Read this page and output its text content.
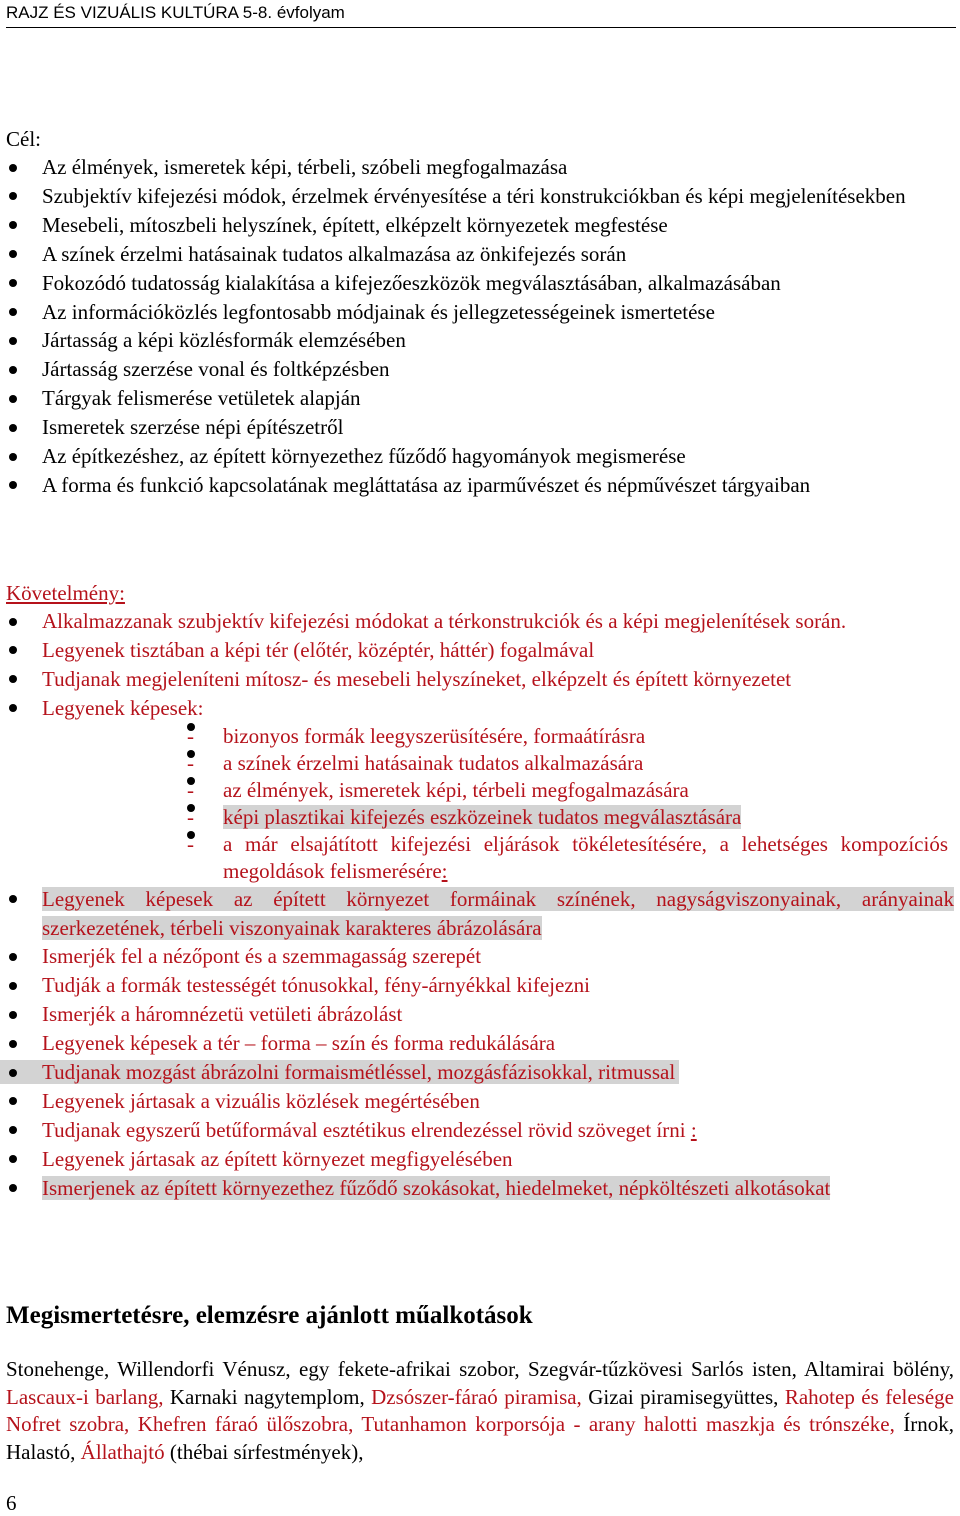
RAJZ ÉS VIZUÁLIS KULTÚRA 5-8. évfolyam
Cél:
Az élmények, ismeretek képi, térbeli, szóbeli megfogalmazása
Szubjektív kifejezési módok, érzelmek érvényesítése a téri konstrukciókban és képi megjelenítésekben
Mesebeli, mítoszbeli helyszínek, épített, elképzelt környezetek megfestése
A színek érzelmi hatásainak tudatos alkalmazása az önkifejezés során
Fokozódó tudatosság kialakítása a kifejezőeszközök megválasztásában, alkalmazásában
Az információközlés legfontosabb módjainak és jellegzetességeinek ismertetése
Jártasság a képi közlésformák elemzésében
Jártasság szerzése vonal és foltképzésben
Tárgyak felismerése vetületek alapján
Ismeretek szerzése népi építészetről
Az építkezéshez, az épített környezethez fűződő hagyományok megismerése
A forma és funkció kapcsolatának megláttatása az iparművészet és népművészet tárgyaiban
Követelmény:
Alkalmazzanak szubjektív kifejezési módokat a térkonstrukciók és a képi megjelenítések során.
Legyenek tisztában a képi tér (előtér, középtér, háttér) fogalmával
Tudjanak megjeleníteni mítosz- és mesebeli helyszíneket, elképzelt és épített környezetet
Legyenek képesek:
- bizonyos formák leegyszerüsítésére, formaátírásra
- a színek érzelmi hatásainak tudatos alkalmazására
- az élmények, ismeretek képi, térbeli megfogalmazására
- képi plasztikai kifejezés eszközeinek tudatos megválasztására
- a már elsajátított kifejezési eljárások tökéletesítésére, a lehetséges kompozíciós megoldások felismerésére:
Legyenek képesek az épített környezet formáinak színének, nagyságviszonyainak, arányainak szerkezetének, térbeli viszonyainak karakteres ábrázolására
Ismerjék fel a nézőpont és a szemmagasság szerepét
Tudják a formák testességét tónusokkal, fény-árnyékkal kifejezni
Ismerjék a háromnézetü vetületi ábrázolást
Legyenek képesek a tér – forma – szín és forma redukálására
Tudjanak mozgást ábrázolni formaismétléssel, mozgásfázisokkal, ritmussal
Legyenek jártasak a vizuális közlések megértésében
Tudjanak egyszerű betűformával esztétikus elrendezéssel rövid szöveget írni :
Legyenek jártasak az épített környezet megfigyelésében
Ismerjenek az épített környezethez fűződő szokásokat, hiedelmeket, népköltészeti alkotásokat
Megismertetésre, elemzésre ajánlott műalkotások

Stonehenge, Willendorfi Vénusz, egy fekete-afrikai szobor, Szegvár-tűzkövesi Sarlós isten, Altamirai bölény, Lascaux-i barlang, Karnaki nagytemplom, Dzsószer-fáraó piramisa, Gizai piramisegyüttes, Rahotep és felesége Nofret szobra, Khefren fáraó ülőszobra, Tutanhamon korporsója - arany halotti maszkja és trónszéke, Írnok, Halastó, Állathajtó (thébai sírfestmények),

6
